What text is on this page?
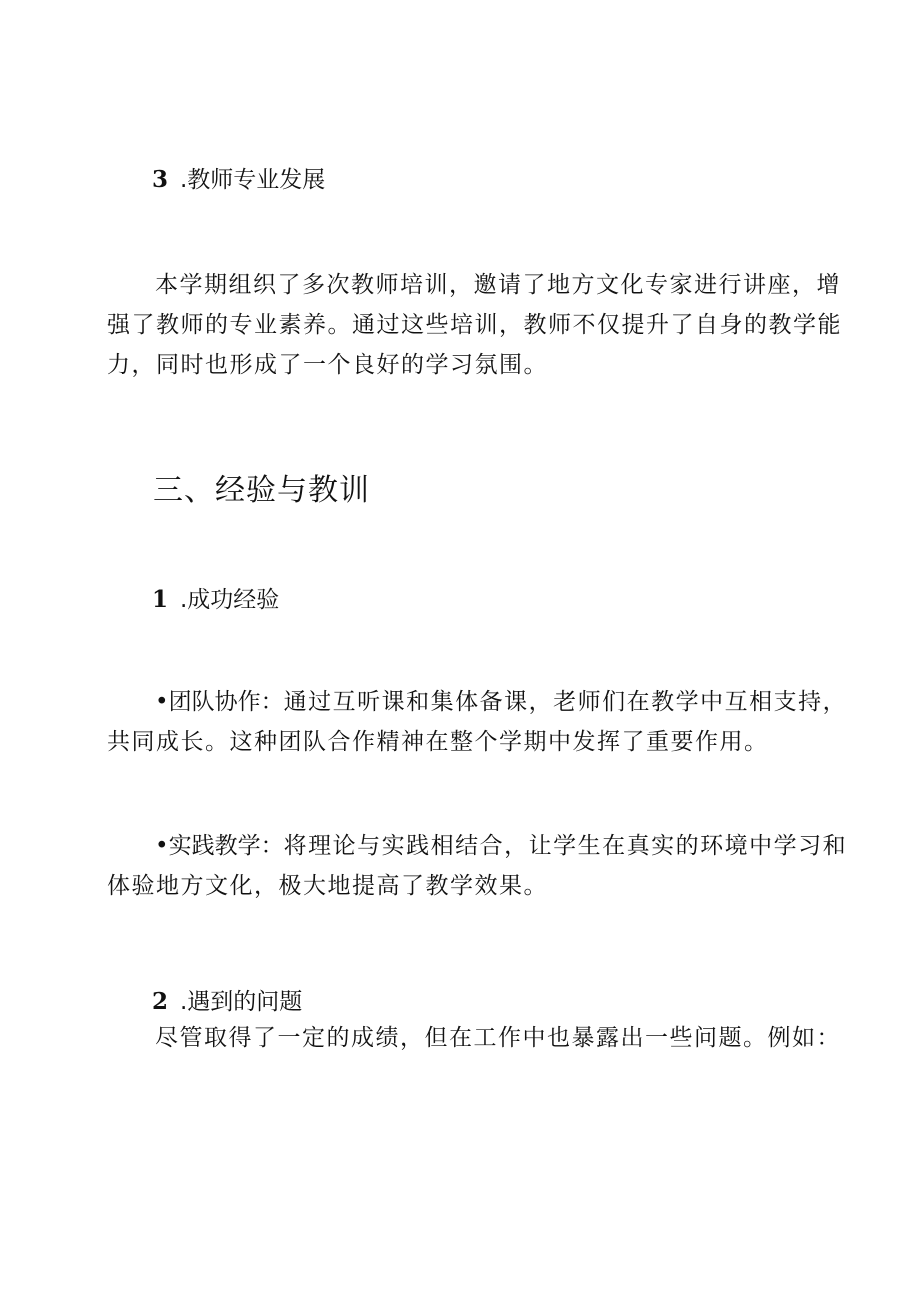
3 .教师专业发展
本学期组织了多次教师培训，邀请了地方文化专家进行讲座，增
强了教师的专业素养。通过这些培训，教师不仅提升了自身的教学能
力，同时也形成了一个良好的学习氛围。
三、经验与教训
1 .成功经验
•团队协作：通过互听课和集体备课，老师们在教学中互相支持，
共同成长。这种团队合作精神在整个学期中发挥了重要作用。
•实践教学：将理论与实践相结合，让学生在真实的环境中学习和
体验地方文化，极大地提高了教学效果。
2 .遇到的问题
尽管取得了一定的成绩，但在工作中也暴露出一些问题。例如：
